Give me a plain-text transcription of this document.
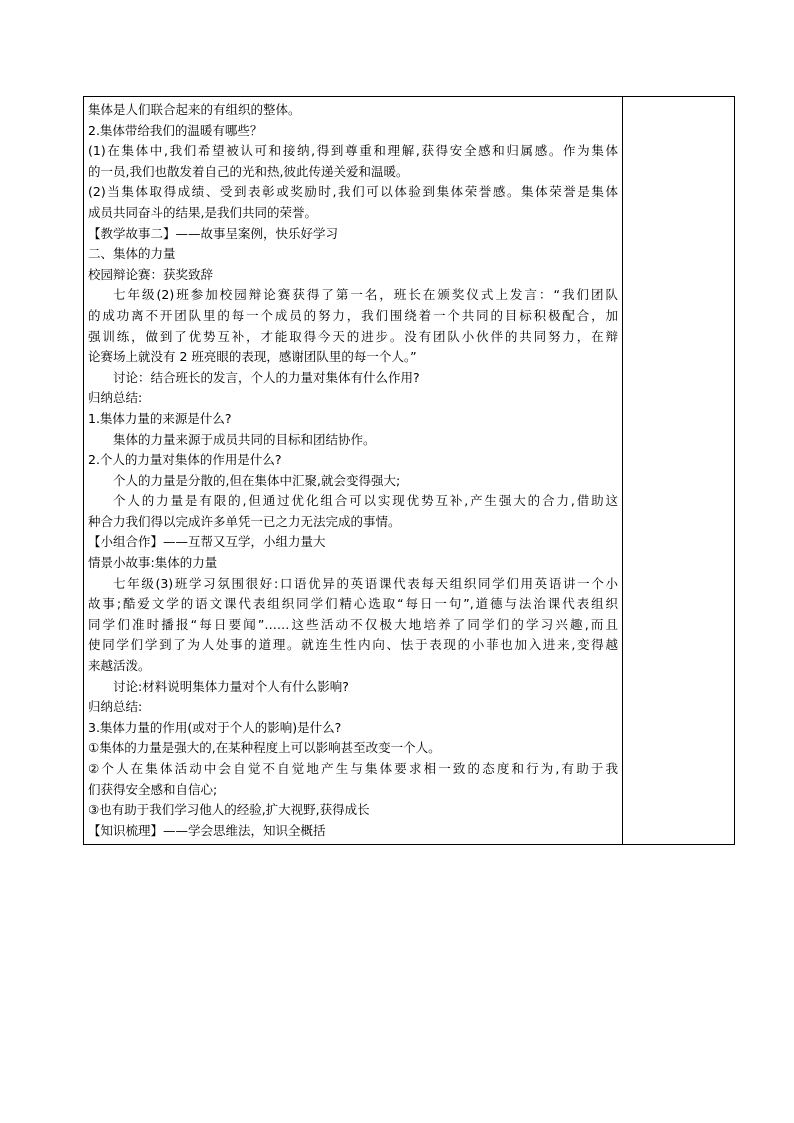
集体是人们联合起来的有组织的整体。

2.集体带给我们的温暖有哪些？

(1)在集体中,我们希望被认可和接纳,得到尊重和理解,获得安全感和归属感。作为集体

的一员,我们也散发着自己的光和热,彼此传递关爱和温暖。

(2)当集体取得成绩、受到表彰或奖励时,我们可以体验到集体荣誉感。集体荣誉是集体

成员共同奋斗的结果,是我们共同的荣誉。

【教学故事二】——故事呈案例，快乐好学习

二、集体的力量

校园辩论赛：获奖致辞

七年级(2)班参加校园辩论赛获得了第一名，班长在颁奖仪式上发言：“我们团队

的成功离不开团队里的每一个成员的努力，我们围绕着一个共同的目标积极配合，加

强训练，做到了优势互补，才能取得今天的进步。没有团队小伙伴的共同努力，在辩

论赛场上就没有 2 班亮眼的表现，感谢团队里的每一个人。”

讨论：结合班长的发言，个人的力量对集体有什么作用?

归纳总结:

1.集体力量的来源是什么?

集体的力量来源于成员共同的目标和团结协作。

2.个人的力量对集体的作用是什么?

个人的力量是分散的,但在集体中汇聚,就会变得强大;

个人的力量是有限的,但通过优化组合可以实现优势互补,产生强大的合力,借助这

种合力我们得以完成许多单凭一已之力无法完成的事情。

【小组合作】——互帮又互学，小组力量大

情景小故事:集体的力量

七年级(3)班学习氛围很好:口语优异的英语课代表每天组织同学们用英语讲一个小

故事;酷爱文学的语文课代表组织同学们精心选取“每日一句”,道德与法治课代表组织

同学们准时播报“每日要闻”……这些活动不仅极大地培养了同学们的学习兴趣,而且

使同学们学到了为人处事的道理。就连生性内向、怯于表现的小菲也加入进来,变得越

来越活泼。

讨论:材料说明集体力量对个人有什么影响?

归纳总结:

3.集体力量的作用(或对于个人的影响)是什么?

①集体的力量是强大的,在某种程度上可以影响甚至改变一个人。

②个人在集体活动中会自觉不自觉地产生与集体要求相一致的态度和行为,有助于我

们获得安全感和自信心;

③也有助于我们学习他人的经验,扩大视野,获得成长

【知识梳理】——学会思维法，知识全概括
